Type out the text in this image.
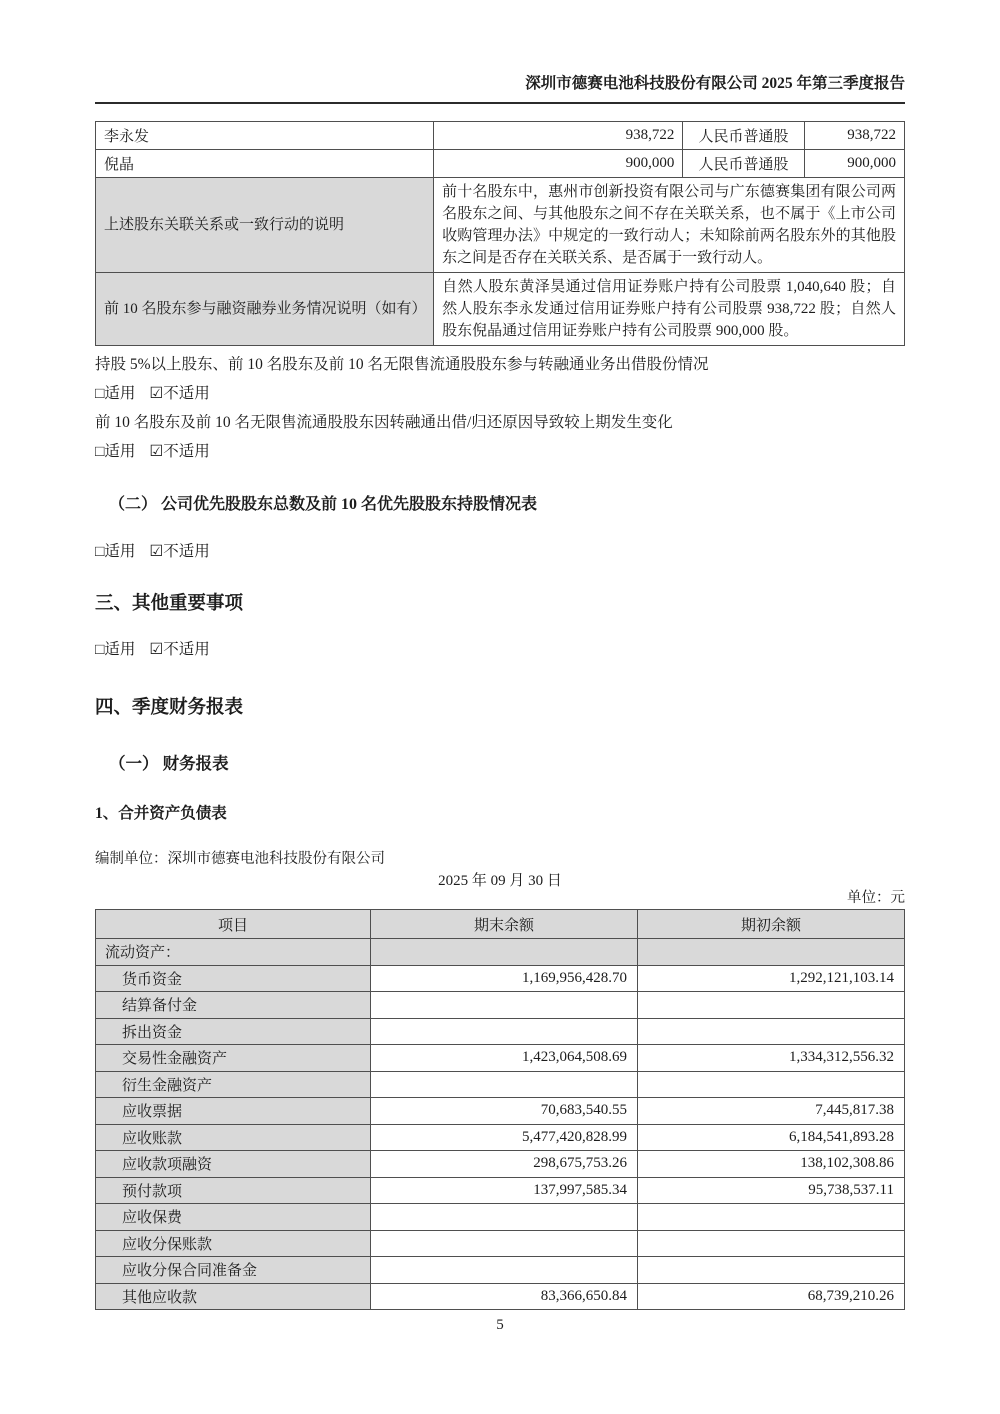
深圳市德赛电池科技股份有限公司 2025 年第三季度报告
李永发	938,722	人民币普通股	938,722
倪晶	900,000	人民币普通股	900,000
上述股东关联关系或一致行动的说明	前十名股东中，惠州市创新投资有限公司与广东德赛集团有限公司两名股东之间、与其他股东之间不存在关联关系，也不属于《上市公司收购管理办法》中规定的一致行动人；未知除前两名股东外的其他股东之间是否存在关联关系、是否属于一致行动人。		
前 10 名股东参与融资融券业务情况说明（如有）	自然人股东黄泽昊通过信用证券账户持有公司股票 1,040,640 股；自然人股东李永发通过信用证券账户持有公司股票 938,722 股；自然人股东倪晶通过信用证券账户持有公司股票 900,000 股。		

持股 5%以上股东、前 10 名股东及前 10 名无限售流通股股东参与转融通业务出借股份情况

□适用 ☑不适用

前 10 名股东及前 10 名无限售流通股股东因转融通出借/归还原因导致较上期发生变化

□适用 ☑不适用

（二） 公司优先股股东总数及前 10 名优先股股东持股情况表

□适用 ☑不适用

三、其他重要事项

□适用 ☑不适用

四、季度财务报表
（一） 财务报表
1、合并资产负债表

编制单位：深圳市德赛电池科技股份有限公司

2025 年 09 月 30 日

单位：元

项目	期末余额	期初余额
流动资产：		
货币资金	1,169,956,428.70	1,292,121,103.14
结算备付金		
拆出资金		
交易性金融资产	1,423,064,508.69	1,334,312,556.32
衍生金融资产		
应收票据	70,683,540.55	7,445,817.38
应收账款	5,477,420,828.99	6,184,541,893.28
应收款项融资	298,675,753.26	138,102,308.86
预付款项	137,997,585.34	95,738,537.11
应收保费		
应收分保账款		
应收分保合同准备金		
其他应收款	83,366,650.84	68,739,210.26
5
